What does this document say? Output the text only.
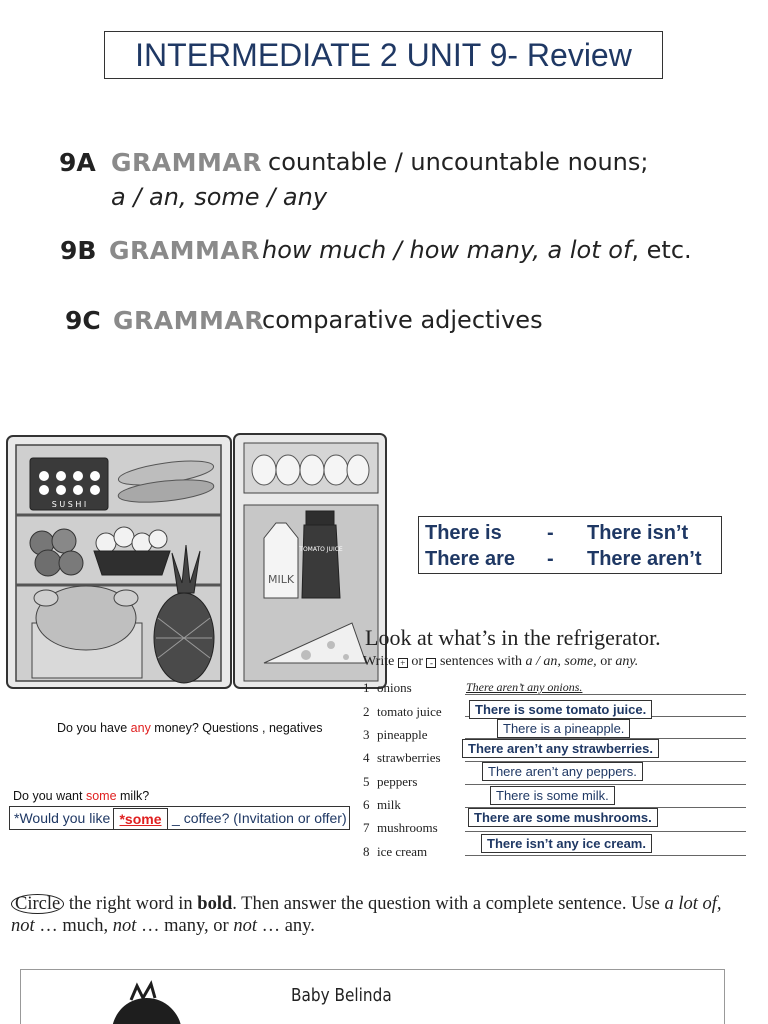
INTERMEDIATE 2 UNIT 9- Review
9A GRAMMAR countable / uncountable nouns;
a / an, some / any
9B GRAMMAR how much / how many, a lot of, etc.
9C GRAMMAR
comparative adjectives
S U S H I
MILK
TOMATO JUICE
There is - There isn’t
There are - There aren’t
Look at what’s in the refrigerator.
Write + or - sentences with a / an, some, or any.
1 onions
2 tomato juice
3 pineapple
4 strawberries
5 peppers
6 milk
7 mushrooms
8 ice cream
There aren’t any onions.
There is some tomato juice.
There is a pineapple.
There aren’t any strawberries.
There aren’t any peppers.
There is some milk.
There are some mushrooms.
There isn’t any ice cream.
Do you have any money? Questions , negatives
Do you want some milk?
*Would you like	_ coffee? (Invitation or offer)
*some
Circle the right word in bold. Then answer the question with a complete sentence. Use a lot of,
not … much, not … many, or not … any.
Baby Belinda
